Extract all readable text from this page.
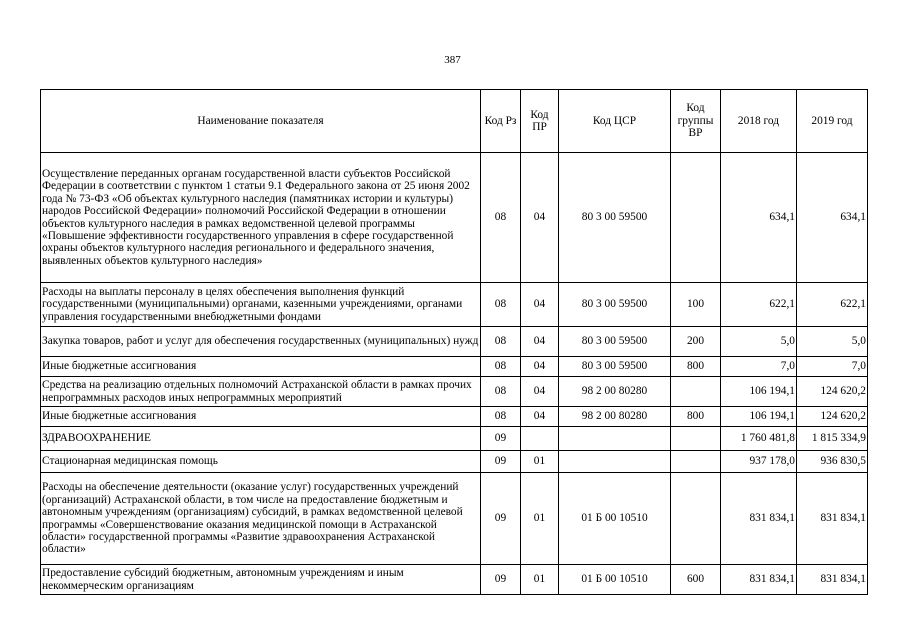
387
Наименование показателя	Код Рз	Код ПР	Код ЦСР	Код группы ВР	2018 год	2019 год
Осуществление переданных органам государственной власти субъектов Российской Федерации в соответствии с пунктом 1 статьи 9.1 Федерального закона от 25 июня 2002 года № 73-ФЗ «Об объектах культурного наследия (памятниках истории и культуры) народов Российской Федерации» полномочий Российской Федерации в отношении объектов культурного наследия в рамках ведомственной целевой программы «Повышение эффективности государственного управления в сфере государственной охраны объектов культурного наследия регионального и федерального значения, выявленных объектов культурного наследия»	08	04	80 3 00 59500		634,1	634,1
Расходы на выплаты персоналу в целях обеспечения выполнения функций государственными (муниципальными) органами, казенными учреждениями, органами управления государственными внебюджетными фондами	08	04	80 3 00 59500	100	622,1	622,1
Закупка товаров, работ и услуг для обеспечения государственных (муниципальных) нужд	08	04	80 3 00 59500	200	5,0	5,0
Иные бюджетные ассигнования	08	04	80 3 00 59500	800	7,0	7,0
Средства на реализацию отдельных полномочий Астраханской области в рамках прочих непрограммных расходов иных непрограммных мероприятий	08	04	98 2 00 80280		106 194,1	124 620,2
Иные бюджетные ассигнования	08	04	98 2 00 80280	800	106 194,1	124 620,2
ЗДРАВООХРАНЕНИЕ	09				1 760 481,8	1 815 334,9
Стационарная медицинская помощь	09	01			937 178,0	936 830,5
Расходы на обеспечение деятельности (оказание услуг) государственных учреждений (организаций) Астраханской области, в том числе на предоставление бюджетным и автономным учреждениям (организациям) субсидий, в рамках ведомственной целевой программы «Совершенствование оказания медицинской помощи в Астраханской области» государственной программы «Развитие здравоохранения Астраханской области»	09	01	01 Б 00 10510		831 834,1	831 834,1
Предоставление субсидий бюджетным, автономным учреждениям и иным некоммерческим организациям	09	01	01 Б 00 10510	600	831 834,1	831 834,1
